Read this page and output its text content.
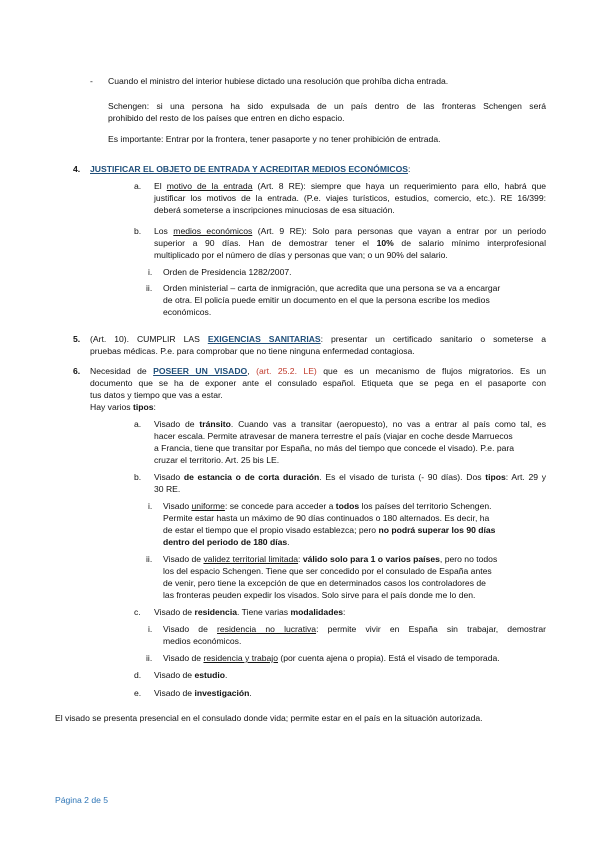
- Cuando el ministro del interior hubiese dictado una resolución que prohíba dicha entrada.
Schengen: si una persona ha sido expulsada de un país dentro de las fronteras Schengen será
prohibido del resto de los países que entren en dicho espacio.
Es importante: Entrar por la frontera, tener pasaporte y no tener prohibición de entrada.
4. JUSTIFICAR EL OBJETO DE ENTRADA Y ACREDITAR MEDIOS ECONÓMICOS:
a. El motivo de la entrada (Art. 8 RE): siempre que haya un requerimiento para ello, habrá que
justificar los motivos de la entrada. (P.e. viajes turísticos, estudios, comercio, etc.). RE 16/399:
deberá someterse a inscripciones minuciosas de esa situación.
b. Los medios económicos (Art. 9 RE): Solo para personas que vayan a entrar por un periodo
superior a 90 días. Han de demostrar tener el 10% de salario mínimo interprofesional
multiplicado por el número de días y personas que van; o un 90% del salario.
i. Orden de Presidencia 1282/2007.
ii. Orden ministerial – carta de inmigración, que acredita que una persona se va a encargar
de otra. El policía puede emitir un documento en el que la persona escribe los medios
económicos.
5. (Art. 10). CUMPLIR LAS EXIGENCIAS SANITARIAS: presentar un certificado sanitario o someterse a
pruebas médicas. P.e. para comprobar que no tiene ninguna enfermedad contagiosa.
6. Necesidad de POSEER UN VISADO, (art. 25.2. LE) que es un mecanismo de flujos migratorios. Es un
documento que se ha de exponer ante el consulado español. Etiqueta que se pega en el pasaporte con
tus datos y tiempo que vas a estar.
Hay varios tipos:
a. Visado de tránsito. Cuando vas a transitar (aeropuesto), no vas a entrar al país como tal, es
hacer escala. Permite atravesar de manera terrestre el país (viajar en coche desde Marruecos
a Francia, tiene que transitar por España, no más del tiempo que concede el visado). P.e. para
cruzar el territorio. Art. 25 bis LE.
b. Visado de estancia o de corta duración. Es el visado de turista (- 90 días). Dos tipos: Art. 29 y
30 RE.
i. Visado uniforme: se concede para acceder a todos los países del territorio Schengen.
Permite estar hasta un máximo de 90 días continuados o 180 alternados. Es decir, ha
de estar el tiempo que el propio visado establezca; pero no podrá superar los 90 días
dentro del periodo de 180 días.
ii. Visado de validez territorial limitada: válido solo para 1 o varios países, pero no todos
los del espacio Schengen. Tiene que ser concedido por el consulado de España antes
de venir, pero tiene la excepción de que en determinados casos los controladores de
las fronteras peuden expedir los visados. Solo sirve para el país donde me lo den.
c. Visado de residencia. Tiene varias modalidades:
i. Visado de residencia no lucrativa: permite vivir en España sin trabajar, demostrar
medios económicos.
ii. Visado de residencia y trabajo (por cuenta ajena o propia). Está el visado de temporada.
d. Visado de estudio.
e. Visado de investigación.
El visado se presenta presencial en el consulado donde vida; permite estar en el país en la situación autorizada.
Página 2 de 5
